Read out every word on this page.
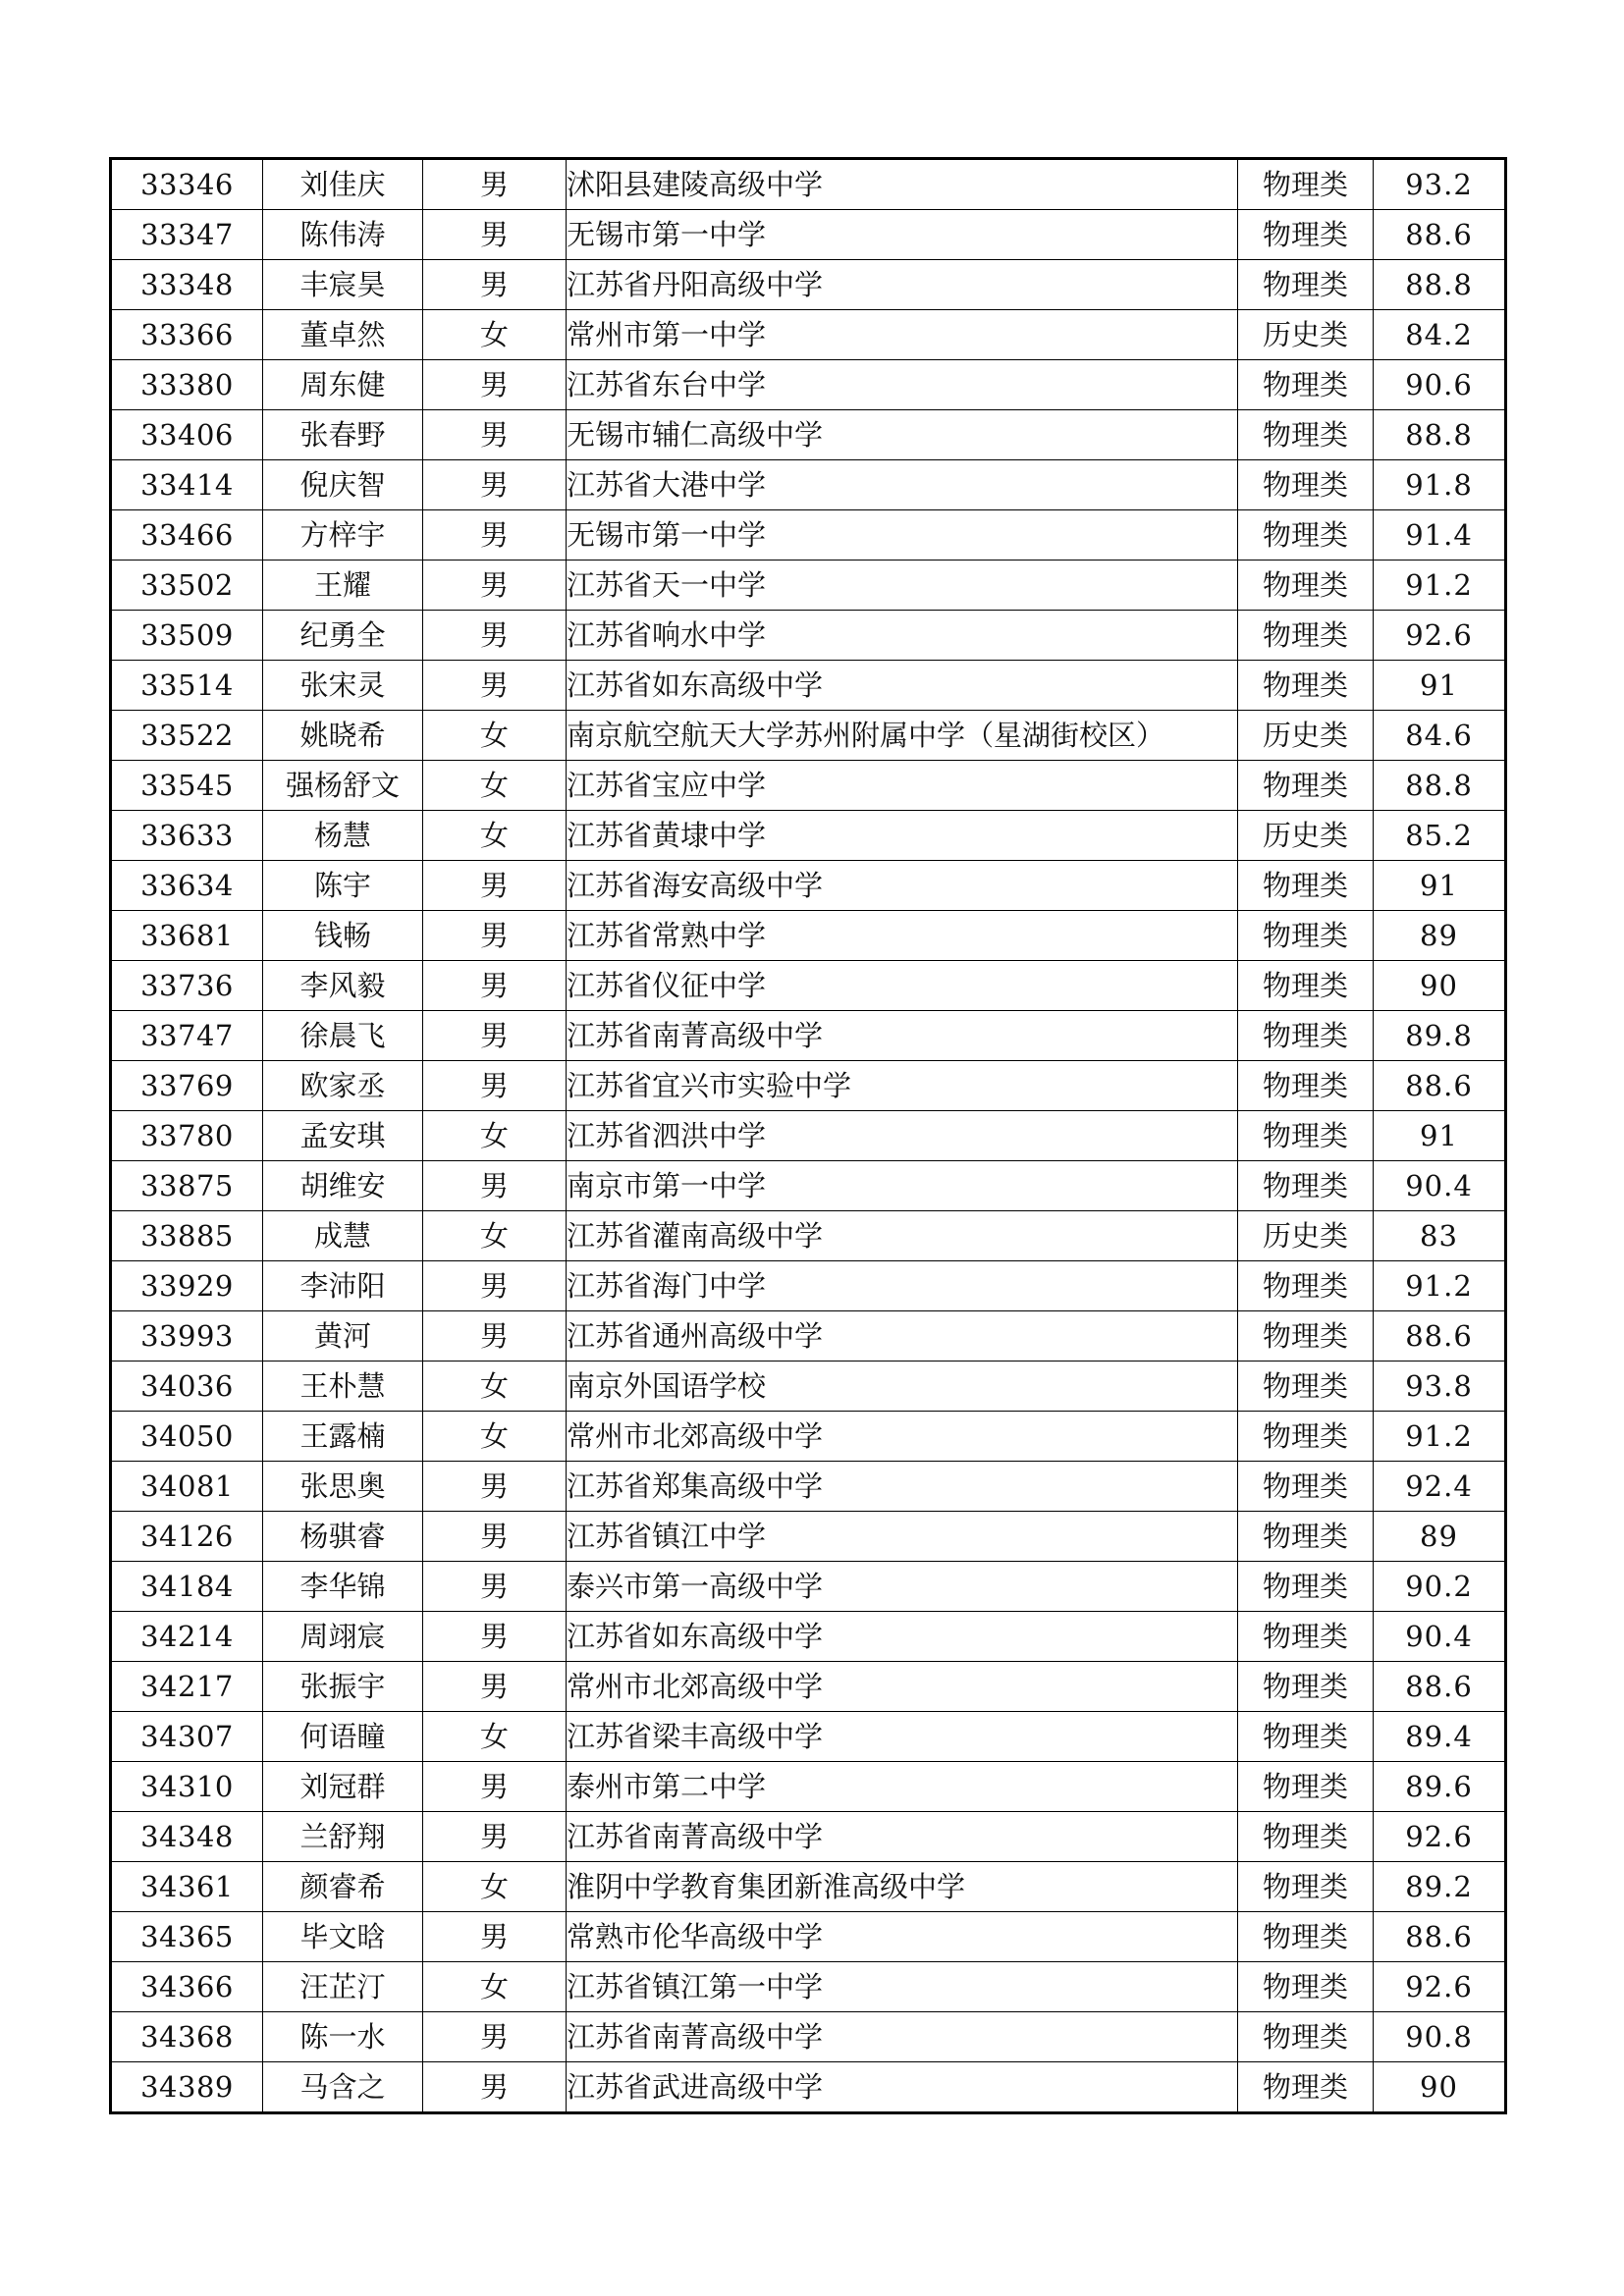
33346	刘佳庆	男	沭阳县建陵高级中学	物理类	93.2
33347	陈伟涛	男	无锡市第一中学	物理类	88.6
33348	丰宸昊	男	江苏省丹阳高级中学	物理类	88.8
33366	董卓然	女	常州市第一中学	历史类	84.2
33380	周东健	男	江苏省东台中学	物理类	90.6
33406	张春野	男	无锡市辅仁高级中学	物理类	88.8
33414	倪庆智	男	江苏省大港中学	物理类	91.8
33466	方梓宇	男	无锡市第一中学	物理类	91.4
33502	王耀	男	江苏省天一中学	物理类	91.2
33509	纪勇全	男	江苏省响水中学	物理类	92.6
33514	张宋灵	男	江苏省如东高级中学	物理类	91
33522	姚晓希	女	南京航空航天大学苏州附属中学（星湖街校区）	历史类	84.6
33545	强杨舒文	女	江苏省宝应中学	物理类	88.8
33633	杨慧	女	江苏省黄埭中学	历史类	85.2
33634	陈宇	男	江苏省海安高级中学	物理类	91
33681	钱畅	男	江苏省常熟中学	物理类	89
33736	李风毅	男	江苏省仪征中学	物理类	90
33747	徐晨飞	男	江苏省南菁高级中学	物理类	89.8
33769	欧家丞	男	江苏省宜兴市实验中学	物理类	88.6
33780	孟安琪	女	江苏省泗洪中学	物理类	91
33875	胡维安	男	南京市第一中学	物理类	90.4
33885	成慧	女	江苏省灌南高级中学	历史类	83
33929	李沛阳	男	江苏省海门中学	物理类	91.2
33993	黄河	男	江苏省通州高级中学	物理类	88.6
34036	王朴慧	女	南京外国语学校	物理类	93.8
34050	王露楠	女	常州市北郊高级中学	物理类	91.2
34081	张思奥	男	江苏省郑集高级中学	物理类	92.4
34126	杨骐睿	男	江苏省镇江中学	物理类	89
34184	李华锦	男	泰兴市第一高级中学	物理类	90.2
34214	周翊宸	男	江苏省如东高级中学	物理类	90.4
34217	张振宇	男	常州市北郊高级中学	物理类	88.6
34307	何语瞳	女	江苏省梁丰高级中学	物理类	89.4
34310	刘冠群	男	泰州市第二中学	物理类	89.6
34348	兰舒翔	男	江苏省南菁高级中学	物理类	92.6
34361	颜睿希	女	淮阴中学教育集团新淮高级中学	物理类	89.2
34365	毕文晗	男	常熟市伦华高级中学	物理类	88.6
34366	汪芷汀	女	江苏省镇江第一中学	物理类	92.6
34368	陈一水	男	江苏省南菁高级中学	物理类	90.8
34389	马含之	男	江苏省武进高级中学	物理类	90
